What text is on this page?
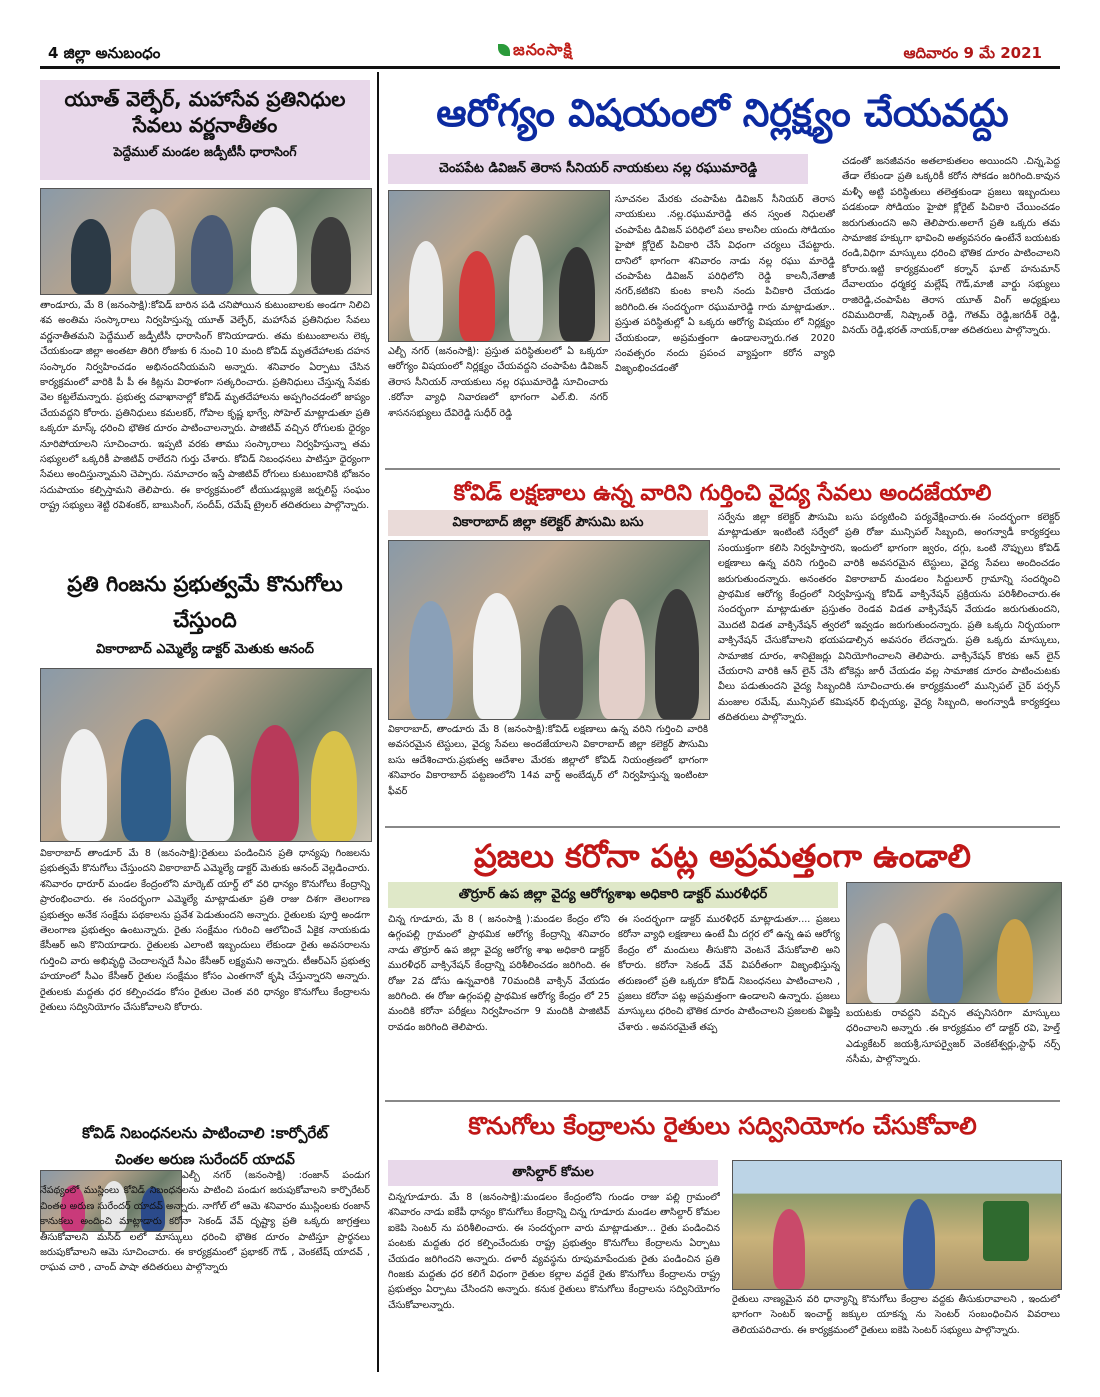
4 జిల్లా అనుబంధం	జనంసాక్షి	ఆదివారం 9 మే 2021
యూత్ వెల్ఫేర్, మహాసేవ ప్రతినిధుల సేవలు వర్ణనాతీతం
పెద్దేముల్ మండల జడ్పీటీసీ ధారాసింగ్
తాండూరు, మే 8 (జనంసాక్షి):కోవిడ్ బారిన పడి చనిపోయిన కుటుంబాలకు అండగా నిలిచి శవ అంతిమ సంస్కారాలు నిర్వహిస్తున్న యూత్ వెల్ఫేర్, మహాసేవ ప్రతినిధుల సేవలు వర్ణనాతీతమని పెద్దేముల్ జడ్పీటీసీ ధారాసింగ్ కొనియాడారు. తమ కుటుంబాలను లెక్క చేయకుండా జిల్లా అంతటా తిరిగి రోజుకు 6 నుంచి 10 మంది కోవిడ్ మృతదేహాలకు దహన సంస్కారం నిర్వహించడం అభినందనీయమని అన్నారు. శనివారం ఏర్పాటు చేసిన కార్యక్రమంలో వారికి పీ పీ ఈ కిట్లను విరాళంగా సత్కరించారు. ప్రతినిధులు చేస్తున్న సేవకు వెల కట్టలేమన్నారు. ప్రభుత్వ దవాఖానాల్లో కోవిడ్ మృతదేహాలను అప్పగించడంలో జాప్యం చేయవద్దని కోరారు. ప్రతినిధులు కమలకర్, గోపాల కృష్ణ భాగ్వే, సోహెల్ మాట్లాడుతూ ప్రతి ఒక్కరూ మాస్క్ ధరించి భౌతిక దూరం పాటించాలన్నారు. పాజిటివ్ వచ్చిన రోగులకు ధైర్యం నూరిపోయాలని సూచించారు. ఇప్పటి వరకు తాము సంస్కారాలు నిర్వహిస్తున్నా తమ సభ్యులలో ఒక్కరికీ పాజిటివ్ రాలేదని గుర్తు చేశారు. కోవిడ్ నిబంధనలు పాటిస్తూ ధైర్యంగా సేవలు అందిస్తున్నామని చెప్పారు. సమాచారం ఇస్తే పాజిటివ్ రోగులు కుటుంబానికి భోజనం సదుపాయం కల్పిస్తామని తెలిపారు. ఈ కార్యక్రమంలో టీయుడబ్ల్యుజె జర్నలిస్ట్ సంఘం రాష్ట్ర సభ్యులు శెట్టి రవిశంకర్, బాబుసింగ్, సందీప్, రమేష్ ట్రైలర్ తదితరులు పాల్గొన్నారు.
ప్రతి గింజను ప్రభుత్వమే కొనుగోలు చేస్తుంది
వికారాబాద్ ఎమ్మెల్యే డాక్టర్ మెతుకు ఆనంద్
వికారాబాద్ తాండూర్ మే 8 (జనంసాక్షి):రైతులు పండించిన ప్రతి ధాన్యపు గింజలను ప్రభుత్వమే కొనుగోలు చేస్తుందని వికారాబాద్ ఎమ్మెల్యే డాక్టర్ మెతుకు ఆనంద్ వెల్లడించారు. శనివారం ధారూర్ మండల కేంద్రంలోని మార్కెట్ యార్డ్ లో వరి ధాన్యం కొనుగోలు కేంద్రాన్ని ప్రారంభించారు. ఈ సందర్భంగా ఎమ్మెల్యే మాట్లాడుతూ ప్రతి రాజు దిశగా తెలంగాణ ప్రభుత్వం అనేక సంక్షేమ పథకాలను ప్రవేశ పెడుతుందని అన్నారు. రైతులకు పూర్తి అండగా తెలంగాణ ప్రభుత్వం ఉంటున్నారు. రైతు సంక్షేమం గురించి ఆలోచించే ఏకైక నాయకుడు కేసీఆర్ అని కొనియాడారు. రైతులకు ఎలాంటి ఇబ్బందులు లేకుండా రైతు అవసరాలను గుర్తించి వారు అభివృద్ధి చెందాలన్నదే సీఎం కేసీఆర్ లక్ష్యమని అన్నారు. టీఆర్ఎస్ ప్రభుత్వ హయాంలో సీఎం కేసీఆర్ రైతుల సంక్షేమం కోసం ఎంతగానో కృషి చేస్తున్నారని అన్నారు. రైతులకు మద్దతు ధర కల్పించడం కోసం రైతుల చెంత వరి ధాన్యం కొనుగోలు కేంద్రాలను రైతులు సద్వినియోగం చేసుకోవాలని కోరారు.
కోవిడ్ నిబంధనలను పాటించాలి :కార్పోరేట్
చింతల అరుణ సురేందర్ యాదవ్
ఎల్బీ నగర్ (జనంసాక్షి) :రంజాన్ పండుగ నేపథ్యంలో ముస్లింలు కోవిడ్ నిబంధనలను పాటించి పండుగ జరుపుకోవాలని కార్పొరేటర్ చింతల అరుణ సురేందర్ యాదవ్ అన్నారు. నాగోల్ లో ఆమె శనివారం ముస్లింలకు రంజాన్ కానుకలు అందించి మాట్లాడారు కరోనా సెకండ్ వేవ్ దృష్ట్యా ప్రతి ఒక్కరు జాగ్రత్తలు తీసుకోవాలని మసీద్ లలో మాస్కులు ధరించి భౌతిక దూరం పాటిస్తూ ప్రార్థనలు జరుపుకోవాలని ఆమె సూచించారు. ఈ కార్యక్రమంలో ప్రభాకర్ గౌడ్ , వెంకటేష్ యాదవ్ , రాఘవ చారి , చాంద్ పాషా తదితరులు పాల్గొన్నారు
ఆరోగ్యం విషయంలో నిర్లక్ష్యం చేయవద్దు
చెంపపేట డివిజన్ తెరాస సీనియర్ నాయకులు నల్ల రఘుమారెడ్డి
ఎల్బీ నగర్ (జనంసాక్షి): ప్రస్తుత పరిస్థితులలో ఏ ఒక్కరూ ఆరోగ్యం విషయంలో నిర్లక్ష్యం చేయవద్దని చంపాపేట డివిజన్ తెరాస సీనియర్ నాయకులు నల్ల రఘుమారెడ్డి సూచించారు .కరోనా వ్యాధి నివారణలో భాగంగా ఎల్.బి. నగర్ శాసనసభ్యులు దేవిరెడ్డి సుధీర్ రెడ్డి
సూచనల మేరకు చంపాపేట డివిజన్ సీనియర్ తెరాస నాయకులు .నల్ల.రఘుమారెడ్డి తన స్వంత నిధులతో చంపాపేట డివిజన్ పరిధిలో పలు కాలనీల యందు సోడియం హైపో క్లోరైట్ పిచికారి చేసే విధంగా చర్యలు చేపట్టారు. దానిలో భాగంగా శనివారం నాడు నల్ల రఘు మారెడ్డి చంపాపేట డివిజన్ పరిధిలోని రెడ్డి కాలనీ,నేతాజీ నగర్,కటికని కుంట కాలనీ నందు పిచికారి చేయడం జరిగింది.ఈ సందర్భంగా రఘుమారెడ్డి గారు మాట్లాడుతూ.. ప్రస్తుత పరిస్థితుల్లో ఏ ఒక్కరు ఆరోగ్య విషయం లో నిర్లక్ష్యం చేయకుండా, అప్రమత్తంగా ఉండాలన్నారు.గత 2020 సంవత్సరం నందు ప్రపంచ వ్యాప్తంగా కరోన వ్యాధి విజృంభించడంతో
చడంతో జనజీవనం అతలాకుతలం అయిందని .చిన్న,పెద్ద తేడా లేకుండా ప్రతి ఒక్కరికీ కరోన సోకడం జరిగింది.కావున మళ్ళీ అట్టి పరిస్థితులు తలెత్తకుండా ప్రజలు ఇబ్బందులు పడకుండా సోడియం హైపో క్లోరైట్ పిచికారి చేయించడం జరుగుతుందని అని తెలిపారు.అలాగే ప్రతి ఒక్కరు తమ సామాజిక హక్కుగా భావించి అత్యవసరం ఉంటేనే బయటకు రండి,విధిగా మాస్కులు ధరించి భౌతిక దూరం పాటించాలని కోరారు.ఇట్టి కార్యక్రమంలో కర్నాన్ ఘాట్ హనుమాన్ దేవాలయం ధర్మకర్త మల్లేష్ గౌడ్,మాజీ వార్డు సభ్యులు రాజిరెడ్డి,చంపాపేట తెరాస యూత్ వింగ్ అధ్యక్షులు రవిముదిరాజ్, నిష్కాంత్ రెడ్డి, గౌతమ్ రెడ్డి,జగదీశ్ రెడ్డి, వినయ్ రెడ్డి,భరత్ నాయక్,రాజు తదితరులు పాల్గొన్నారు.
కోవిడ్ లక్షణాలు ఉన్న వారిని గుర్తించి వైద్య సేవలు అందజేయాలి
వికారాబాద్ జిల్లా కలెక్టర్ పౌసుమి బసు
వికారాబాద్, తాండూరు మే 8 (జనంసాక్షి):కోవిడ్ లక్షణాలు ఉన్న వరిని గుర్తించి వారికి అవసరమైన టెస్టులు, వైద్య సేవలు అందజేయాలని వికారాబాద్ జిల్లా కలెక్టర్ పౌసుమి బసు ఆదేశించారు.ప్రభుత్వ ఆదేశాల మేరకు జిల్లాలో కోవిడ్ నియంత్రణలో భాగంగా శనివారం వికారాబాద్ పట్టణంలోని 14వ వార్డ్ అంబేడ్కర్ లో నిర్వహిస్తున్న ఇంటింటా ఫీవర్
సర్వేను జిల్లా కలెక్టర్ పౌసుమి బసు పర్యటించి పర్యవేక్షించారు.ఈ సందర్భంగా కలెక్టర్ మాట్లాడుతూ ఇంటింటి సర్వేలో ప్రతి రోజు మున్సిపల్ సిబ్బంది, అంగన్వాడీ కార్యకర్తలు సంయుక్తంగా కలిసి నిర్వహిస్తారని, ఇందులో భాగంగా జ్వరం, దగ్గు, ఒంటి నొప్పులు కోవిడ్ లక్షణాలు ఉన్న వరిని గుర్తించి వారికి అవసరమైన టెస్టులు, వైద్య సేవలు అందించడం జరుగుతుందన్నారు. అనంతరం వికారాబాద్ మండలం సిద్దులూర్ గ్రామాన్ని సందర్శించి ప్రాథమిక ఆరోగ్య కేంద్రంలో నిర్వహిస్తున్న కోవిడ్ వాక్సినేషన్ ప్రక్రియను పరిశీలించారు.ఈ సందర్భంగా మాట్లాడుతూ ప్రస్తుతం రెండవ విడత వాక్సినేషన్ వేయడం జరుగుతుందని, మొదటి విడత వాక్సినేషన్ త్వరలో ఇవ్వడం జరుగుతుందన్నారు. ప్రతి ఒక్కరు నిర్భయంగా వాక్సినేషన్ చేసుకోవాలని భయపడాల్సిన అవసరం లేదన్నారు. ప్రతి ఒక్కరు మాస్కులు, సామాజిక దూరం, శానిటైజర్లు వినియోగించాలని తెలిపారు. వాక్సినేషన్ కొరకు ఆన్ లైన్ చేయరాని వారికి ఆన్ లైన్ చేసి టోకెన్లు జారీ చేయడం వల్ల సామాజిక దూరం పాటించుటకు వీలు పడుతుందని వైద్య సిబ్బందికి సూచించారు.ఈ కార్యక్రమంలో మున్సిపల్ చైర్ పర్సన్ మంజుల రమేష్, మున్సిపల్ కమిషనర్ భిచ్చయ్య, వైద్య సిబ్బంది, అంగన్వాడీ కార్యకర్తలు తదితరులు పాల్గొన్నారు.
ప్రజలు కరోనా పట్ల అప్రమత్తంగా ఉండాలి
తొర్రూర్ ఉప జిల్లా వైద్య ఆరోగ్యశాఖ అధికారి డాక్టర్ మురళీధర్
చిన్న గూడూరు, మే 8 ( జనంసాక్షి ):మండల కేంద్రం లోని ఉగ్గంపల్లి గ్రామంలో ప్రాథమిక ఆరోగ్య కేంద్రాన్ని శనివారం నాడు తొర్రూర్ ఉప జిల్లా వైద్య ఆరోగ్య శాఖ అధికారి డాక్టర్ మురళీధర్ వాక్సినేషన్ కేంద్రాన్ని పరిశీలించడం జరిగింది. ఈ రోజు 2వ డోసు ఉన్నవారికి 70మందికి వాక్సిన్ వేయడం జరిగింది. ఈ రోజు ఉగ్గంపల్లి ప్రాథమిక ఆరోగ్య కేంద్రం లో 25 మందికి కరోనా పరీక్షలు నిర్వహించగా 9 మందికి పాజిటివ్ రావడం జరిగింది తెలిపారు.
ఈ సందర్భంగా డాక్టర్ మురళీధర్ మాట్లాడుతూ.... ప్రజలు కరోనా వ్యాధి లక్షణాలు ఉంటే మీ దగ్గర లో ఉన్న ఉప ఆరోగ్య కేంద్రం లో మందులు తీసుకొని వెంటనే వేసుకోవాలి అని కోరారు. కరోనా సెకండ్ వేవ్ విపరీతంగా విజృంభిస్తున్న తరుణంలో ప్రతి ఒక్కరూ కోవిడ్ నిబంధనలు పాటించాలని , ప్రజలు కరోనా పట్ల అప్రమత్తంగా ఉండాలని ఉన్నారు. ప్రజలు మాస్కులు ధరించి భౌతిక దూరం పాటించాలని ప్రజలకు విజ్ఞప్తి చేశారు . అవసరమైతే తప్ప
బయటకు రావద్దని వచ్చిన తప్పనిసరిగా మాస్కులు ధరించాలని అన్నారు .ఈ కార్యక్రమం లో డాక్టర్ రవి, హెల్త్ ఎడ్యుకేటర్ జయశ్రీ,సూపర్వైజర్ వెంకటేశ్వర్లు,స్టాఫ్ నర్స్ నసీమ, పాల్గొన్నారు.
కొనుగోలు కేంద్రాలను రైతులు సద్వినియోగం చేసుకోవాలి
తాసిల్దార్ కోమల
చిన్నగూడూరు. మే 8 (జనంసాక్షి):మండలం కేంద్రంలోని గుండం రాజు పల్లి గ్రామంలో శనివారం నాడు ఐకేపీ ధాన్యం కొనుగోలు కేంద్రాన్ని చిన్న గూడూరు మండల తాసిల్దార్ కోమల ఐకెపి సెంటర్ ను పరిశీలించారు. ఈ సందర్భంగా వారు మాట్లాడుతూ... రైతు పండించిన పంటకు మద్దతు ధర కల్పించేందుకు రాష్ట్ర ప్రభుత్వం కొనుగోలు కేంద్రాలను ఏర్పాటు చేయడం జరిగిందని అన్నారు. దళారీ వ్యవస్థను రూపుమాపేందుకు రైతు పండించిన ప్రతి గింజకు మద్దతు ధర కలిగే విధంగా రైతుల కల్లాల వద్దకే రైతు కొనుగోలు కేంద్రాలను రాష్ట్ర ప్రభుత్వం ఏర్పాటు చేసిందని అన్నారు. కనుక రైతులు కొనుగోలు కేంద్రాలను సద్వినియోగం చేసుకోవాలన్నారు.
రైతులు నాణ్యమైన వరి ధాన్యాన్ని కొనుగోలు కేంద్రాల వద్దకు తీసుకురావాలని , ఇందులో భాగంగా సెంటర్ ఇంచార్జ్ జక్కుల యాకన్న ను సెంటర్ సంబంధించిన వివరాలు తెలియపరిచారు. ఈ కార్యక్రమంలో రైతులు ఐకెపి సెంటర్ సభ్యులు పాల్గొన్నారు.
